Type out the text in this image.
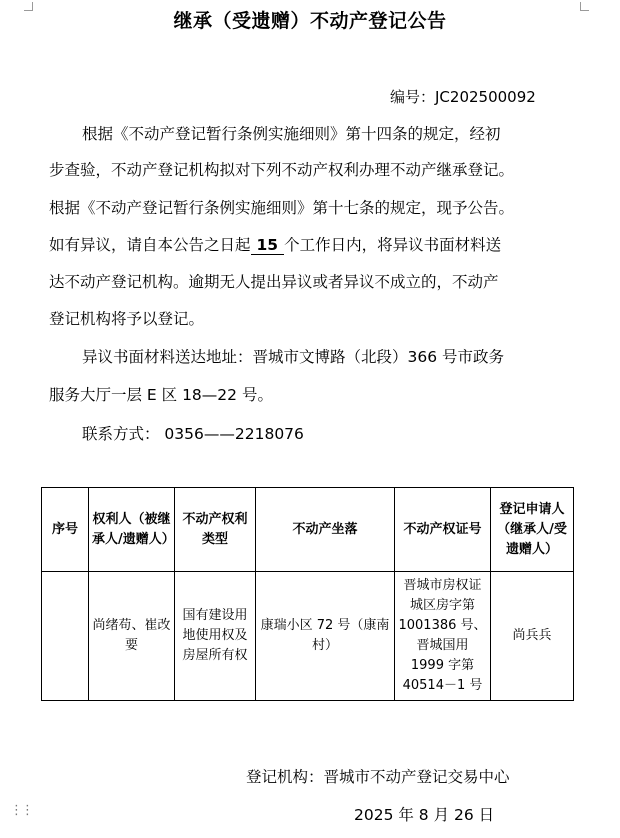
继承（受遗赠）不动产登记公告
编号：JC202500092
根据《不动产登记暂行条例实施细则》第十四条的规定，经初
步查验，不动产登记机构拟对下列不动产权利办理不动产继承登记。
根据《不动产登记暂行条例实施细则》第十七条的规定，现予公告。
如有异议，请自本公告之日起 15 个工作日内，将异议书面材料送
达不动产登记机构。逾期无人提出异议或者异议不成立的，不动产
登记机构将予以登记。
异议书面材料送达地址：晋城市文博路（北段）366 号市政务
服务大厅一层 E 区 18—22 号。
联系方式： 0356——2218076
序号	权利人（被继承人/遗赠人）	不动产权利类型	不动产坐落	不动产权证号	登记申请人（继承人/受遗赠人）
	尚绪苟、崔改要	国有建设用地使用权及房屋所有权	康瑞小区 72 号（康南村）	晋城市房权证城区房字第 1001386 号、晋城国用 1999 字第 40514－1 号	尚兵兵
登记机构：晋城市不动产登记交易中心
2025 年 8 月 26 日
⋮⋮
